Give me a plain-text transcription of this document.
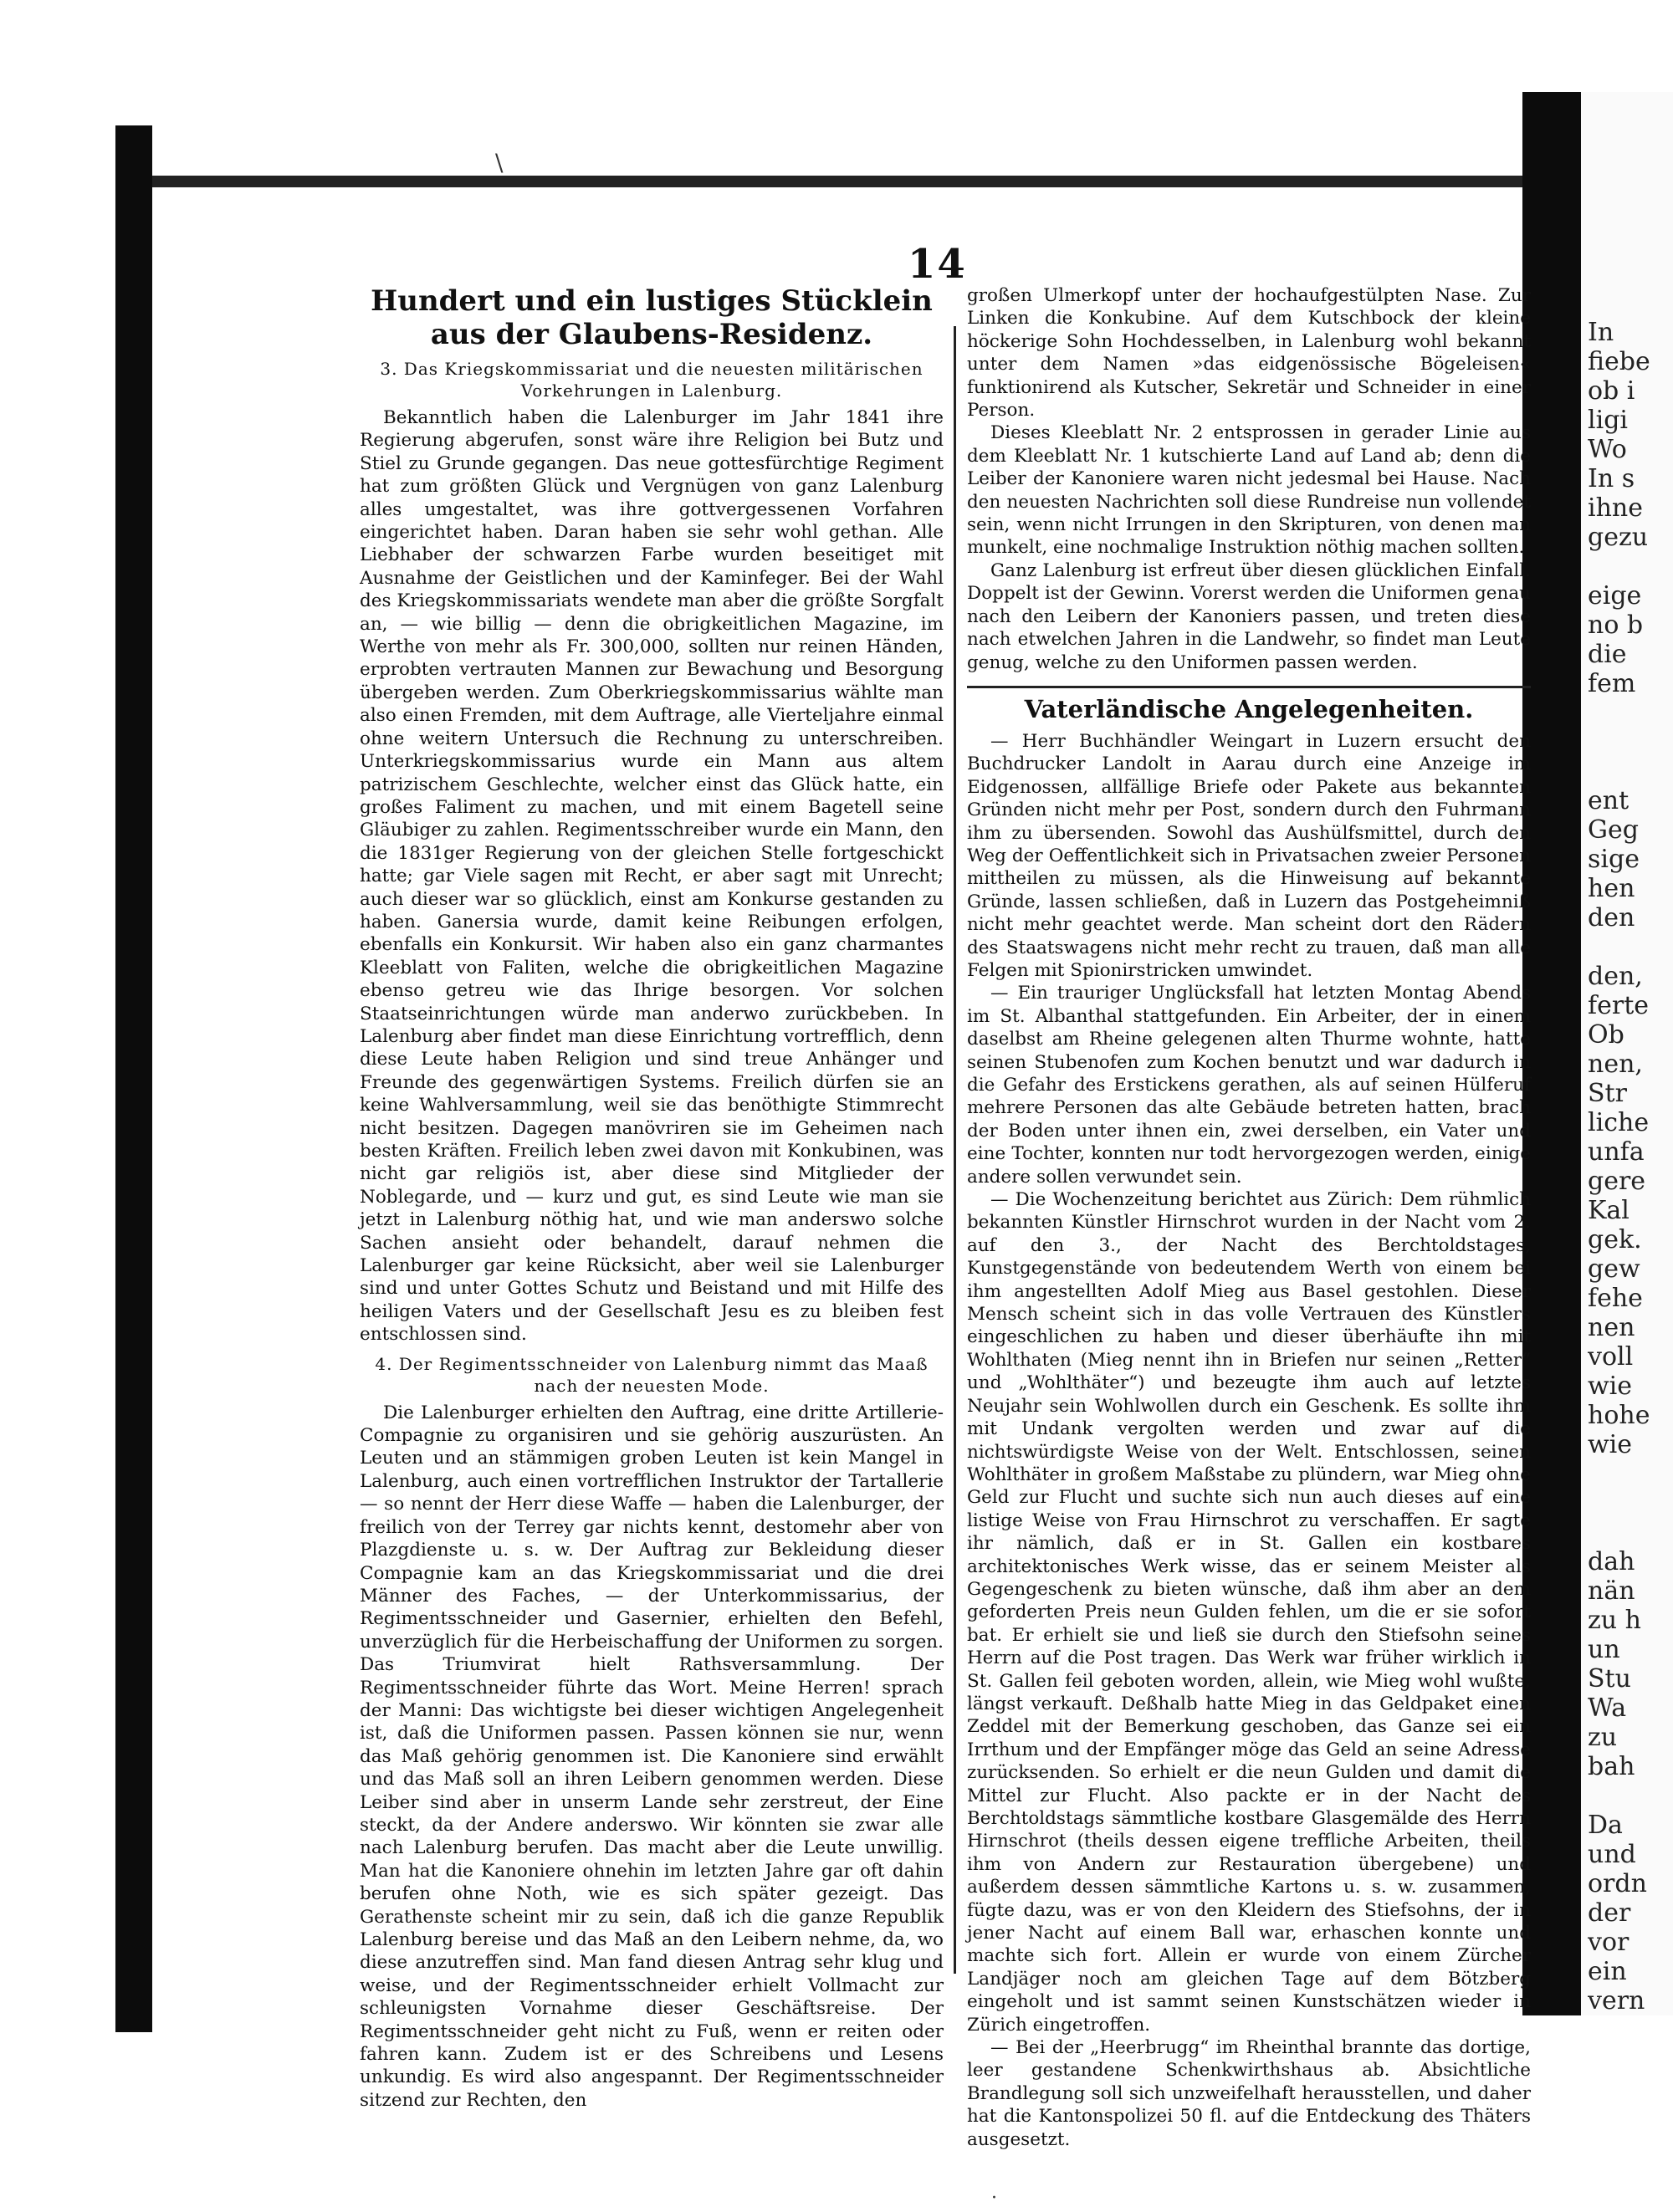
In
fiebe
ob i
ligi
Wo
In s
ihne
gezu

eige
no b
die
fem

ent
Geg
sige
hen
den

den,
ferte
Ob
nen,
Str
liche
unfa
gere
Kal
gek.
gew
fehe
nen
voll
wie
hohe
wie

dah
nän
zu h
un
Stu
Wa
zu
bah

Da
und
ordn
der
vor
ein
vern
\
·
14
Hundert und ein lustiges Stücklein aus der Glaubens-Residenz.
3. Das Kriegskommissariat und die neuesten militärischen Vorkehrungen in Lalenburg.

Bekanntlich haben die Lalenburger im Jahr 1841 ihre Regierung abgerufen, sonst wäre ihre Religion bei Butz und Stiel zu Grunde gegangen. Das neue gottesfürchtige Regiment hat zum größten Glück und Vergnügen von ganz Lalenburg alles umgestaltet, was ihre gottvergessenen Vorfahren eingerichtet haben. Daran haben sie sehr wohl gethan. Alle Liebhaber der schwarzen Farbe wurden beseitiget mit Ausnahme der Geistlichen und der Kaminfeger. Bei der Wahl des Kriegskommissariats wendete man aber die größte Sorgfalt an, — wie billig — denn die obrigkeitlichen Magazine, im Werthe von mehr als Fr. 300,000, sollten nur reinen Händen, erprobten vertrauten Mannen zur Bewachung und Besorgung übergeben werden. Zum Oberkriegskommissarius wählte man also einen Fremden, mit dem Auftrage, alle Vierteljahre einmal ohne weitern Untersuch die Rechnung zu unterschreiben. Unterkriegskommissarius wurde ein Mann aus altem patrizischem Geschlechte, welcher einst das Glück hatte, ein großes Faliment zu machen, und mit einem Bagetell seine Gläubiger zu zahlen. Regimentsschreiber wurde ein Mann, den die 1831ger Regierung von der gleichen Stelle fortgeschickt hatte; gar Viele sagen mit Recht, er aber sagt mit Unrecht; auch dieser war so glücklich, einst am Konkurse gestanden zu haben. Ganersia wurde, damit keine Reibungen erfolgen, ebenfalls ein Konkursit. Wir haben also ein ganz charmantes Kleeblatt von Faliten, welche die obrigkeitlichen Magazine ebenso getreu wie das Ihrige besorgen. Vor solchen Staatseinrichtungen würde man anderwo zurückbeben. In Lalenburg aber findet man diese Einrichtung vortrefflich, denn diese Leute haben Religion und sind treue Anhänger und Freunde des gegenwärtigen Systems. Freilich dürfen sie an keine Wahlversammlung, weil sie das benöthigte Stimmrecht nicht besitzen. Dagegen manövriren sie im Geheimen nach besten Kräften. Freilich leben zwei davon mit Konkubinen, was nicht gar religiös ist, aber diese sind Mitglieder der Noblegarde, und — kurz und gut, es sind Leute wie man sie jetzt in Lalenburg nöthig hat, und wie man anderswo solche Sachen ansieht oder behandelt, darauf nehmen die Lalenburger gar keine Rücksicht, aber weil sie Lalenburger sind und unter Gottes Schutz und Beistand und mit Hilfe des heiligen Vaters und der Gesellschaft Jesu es zu bleiben fest entschlossen sind.

4. Der Regimentsschneider von Lalenburg nimmt das Maaß nach der neuesten Mode.

Die Lalenburger erhielten den Auftrag, eine dritte Artillerie-Compagnie zu organisiren und sie gehörig auszurüsten. An Leuten und an stämmigen groben Leuten ist kein Mangel in Lalenburg, auch einen vortrefflichen Instruktor der Tartallerie — so nennt der Herr diese Waffe — haben die Lalenburger, der freilich von der Terrey gar nichts kennt, destomehr aber von Plazgdienste u. s. w. Der Auftrag zur Bekleidung dieser Compagnie kam an das Kriegskommissariat und die drei Männer des Faches, — der Unterkommissarius, der Regimentsschneider und Gasernier, erhielten den Befehl, unverzüglich für die Herbeischaffung der Uniformen zu sorgen. Das Triumvirat hielt Rathsversammlung. Der Regimentsschneider führte das Wort. Meine Herren! sprach der Manni: Das wichtigste bei dieser wichtigen Angelegenheit ist, daß die Uniformen passen. Passen können sie nur, wenn das Maß gehörig genommen ist. Die Kanoniere sind erwählt und das Maß soll an ihren Leibern genommen werden. Diese Leiber sind aber in unserm Lande sehr zerstreut, der Eine steckt, da der Andere anderswo. Wir könnten sie zwar alle nach Lalenburg berufen. Das macht aber die Leute unwillig. Man hat die Kanoniere ohnehin im letzten Jahre gar oft dahin berufen ohne Noth, wie es sich später gezeigt. Das Gerathenste scheint mir zu sein, daß ich die ganze Republik Lalenburg bereise und das Maß an den Leibern nehme, da, wo diese anzutreffen sind. Man fand diesen Antrag sehr klug und weise, und der Regimentsschneider erhielt Vollmacht zur schleunigsten Vornahme dieser Geschäftsreise. Der Regimentsschneider geht nicht zu Fuß, wenn er reiten oder fahren kann. Zudem ist er des Schreibens und Lesens unkundig. Es wird also angespannt. Der Regimentsschneider sitzend zur Rechten, den

großen Ulmerkopf unter der hochaufgestülpten Nase. Zur Linken die Konkubine. Auf dem Kutschbock der kleine höckerige Sohn Hochdesselben, in Lalenburg wohl bekannt unter dem Namen »das eidgenössische Bögeleisen« funktionirend als Kutscher, Sekretär und Schneider in einer Person.

Dieses Kleeblatt Nr. 2 entsprossen in gerader Linie aus dem Kleeblatt Nr. 1 kutschierte Land auf Land ab; denn die Leiber der Kanoniere waren nicht jedesmal bei Hause. Nach den neuesten Nachrichten soll diese Rundreise nun vollendet sein, wenn nicht Irrungen in den Skripturen, von denen man munkelt, eine nochmalige Instruktion nöthig machen sollten.

Ganz Lalenburg ist erfreut über diesen glücklichen Einfall. Doppelt ist der Gewinn. Vorerst werden die Uniformen genau nach den Leibern der Kanoniers passen, und treten diese nach etwelchen Jahren in die Landwehr, so findet man Leute genug, welche zu den Uniformen passen werden.

Vaterländische Angelegenheiten.

— Herr Buchhändler Weingart in Luzern ersucht den Buchdrucker Landolt in Aarau durch eine Anzeige im Eidgenossen, allfällige Briefe oder Pakete aus bekannten Gründen nicht mehr per Post, sondern durch den Fuhrmann ihm zu übersenden. Sowohl das Aushülfsmittel, durch den Weg der Oeffentlichkeit sich in Privatsachen zweier Personen mittheilen zu müssen, als die Hinweisung auf bekannte Gründe, lassen schließen, daß in Luzern das Postgeheimniß nicht mehr geachtet werde. Man scheint dort den Rädern des Staatswagens nicht mehr recht zu trauen, daß man alle Felgen mit Spionirstricken umwindet.

— Ein trauriger Unglücksfall hat letzten Montag Abends im St. Albanthal stattgefunden. Ein Arbeiter, der in einem daselbst am Rheine gelegenen alten Thurme wohnte, hatte seinen Stubenofen zum Kochen benutzt und war dadurch in die Gefahr des Erstickens gerathen, als auf seinen Hülferuf mehrere Personen das alte Gebäude betreten hatten, brach der Boden unter ihnen ein, zwei derselben, ein Vater und eine Tochter, konnten nur todt hervorgezogen werden, einige andere sollen verwundet sein.

— Die Wochenzeitung berichtet aus Zürich: Dem rühmlich bekannten Künstler Hirnschrot wurden in der Nacht vom 2. auf den 3., der Nacht des Berchtoldstages, Kunstgegenstände von bedeutendem Werth von einem bei ihm angestellten Adolf Mieg aus Basel gestohlen. Dieser Mensch scheint sich in das volle Vertrauen des Künstlers eingeschlichen zu haben und dieser überhäufte ihn mit Wohlthaten (Mieg nennt ihn in Briefen nur seinen „Retter“ und „Wohlthäter“) und bezeugte ihm auch auf letztes Neujahr sein Wohlwollen durch ein Geschenk. Es sollte ihm mit Undank vergolten werden und zwar auf die nichtswürdigste Weise von der Welt. Entschlossen, seinen Wohlthäter in großem Maßstabe zu plündern, war Mieg ohne Geld zur Flucht und suchte sich nun auch dieses auf eine listige Weise von Frau Hirnschrot zu verschaffen. Er sagte ihr nämlich, daß er in St. Gallen ein kostbares architektonisches Werk wisse, das er seinem Meister als Gegengeschenk zu bieten wünsche, daß ihm aber an dem geforderten Preis neun Gulden fehlen, um die er sie sofort bat. Er erhielt sie und ließ sie durch den Stiefsohn seines Herrn auf die Post tragen. Das Werk war früher wirklich in St. Gallen feil geboten worden, allein, wie Mieg wohl wußte, längst verkauft. Deßhalb hatte Mieg in das Geldpaket einen Zeddel mit der Bemerkung geschoben, das Ganze sei ein Irrthum und der Empfänger möge das Geld an seine Adresse zurücksenden. So erhielt er die neun Gulden und damit die Mittel zur Flucht. Also packte er in der Nacht des Berchtoldstags sämmtliche kostbare Glasgemälde des Herrn Hirnschrot (theils dessen eigene treffliche Arbeiten, theils ihm von Andern zur Restauration übergebene) und außerdem dessen sämmtliche Kartons u. s. w. zusammen, fügte dazu, was er von den Kleidern des Stiefsohns, der in jener Nacht auf einem Ball war, erhaschen konnte und machte sich fort. Allein er wurde von einem Zürcher Landjäger noch am gleichen Tage auf dem Bötzberg eingeholt und ist sammt seinen Kunstschätzen wieder in Zürich eingetroffen.

— Bei der „Heerbrugg“ im Rheinthal brannte das dortige, leer gestandene Schenkwirthshaus ab. Absichtliche Brandlegung soll sich unzweifelhaft herausstellen, und daher hat die Kantonspolizei 50 fl. auf die Entdeckung des Thäters ausgesetzt.
